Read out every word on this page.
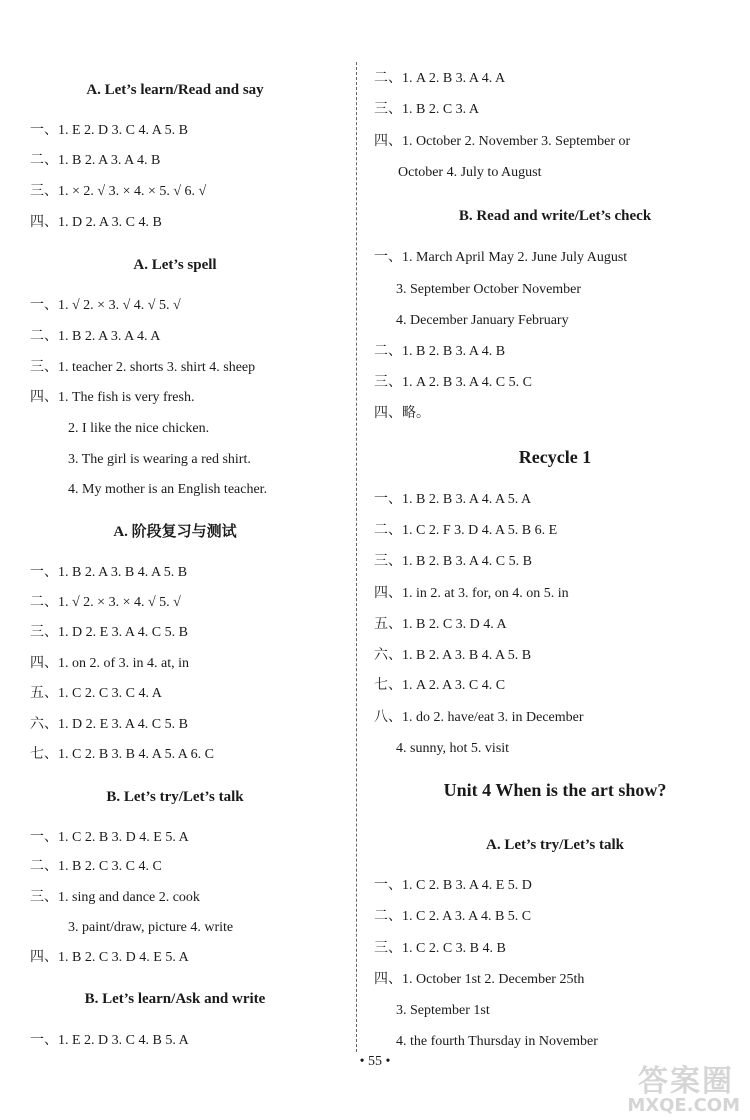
A. Let’s learn/Read and say
一、1. E 2. D 3. C 4. A 5. B
二、1. B 2. A 3. A 4. B
三、1. × 2. √ 3. × 4. × 5. √ 6. √
四、1. D 2. A 3. C 4. B
A. Let’s spell
一、1. √ 2. × 3. √ 4. √ 5. √
二、1. B 2. A 3. A 4. A
三、1. teacher 2. shorts 3. shirt 4. sheep
四、1. The fish is very fresh.
2. I like the nice chicken.
3. The girl is wearing a red shirt.
4. My mother is an English teacher.
A. 阶段复习与测试
一、1. B 2. A 3. B 4. A 5. B
二、1. √ 2. × 3. × 4. √ 5. √
三、1. D 2. E 3. A 4. C 5. B
四、1. on 2. of 3. in 4. at, in
五、1. C 2. C 3. C 4. A
六、1. D 2. E 3. A 4. C 5. B
七、1. C 2. B 3. B 4. A 5. A 6. C
B. Let’s try/Let’s talk
一、1. C 2. B 3. D 4. E 5. A
二、1. B 2. C 3. C 4. C
三、1. sing and dance 2. cook
3. paint/draw, picture 4. write
四、1. B 2. C 3. D 4. E 5. A
B. Let’s learn/Ask and write
一、1. E 2. D 3. C 4. B 5. A
二、1. A 2. B 3. A 4. A
三、1. B 2. C 3. A
四、1. October 2. November 3. September or
October 4. July to August
B. Read and write/Let’s check
一、1. March April May 2. June July August
3. September October November
4. December January February
二、1. B 2. B 3. A 4. B
三、1. A 2. B 3. A 4. C 5. C
四、略。
Recycle 1
一、1. B 2. B 3. A 4. A 5. A
二、1. C 2. F 3. D 4. A 5. B 6. E
三、1. B 2. B 3. A 4. C 5. B
四、1. in 2. at 3. for, on 4. on 5. in
五、1. B 2. C 3. D 4. A
六、1. B 2. A 3. B 4. A 5. B
七、1. A 2. A 3. C 4. C
八、1. do 2. have/eat 3. in December
4. sunny, hot 5. visit
Unit 4 When is the art show?
A. Let’s try/Let’s talk
一、1. C 2. B 3. A 4. E 5. D
二、1. C 2. A 3. A 4. B 5. C
三、1. C 2. C 3. B 4. B
四、1. October 1st 2. December 25th
3. September 1st
4. the fourth Thursday in November
• 55 •
答案圈
MXQE.COM
